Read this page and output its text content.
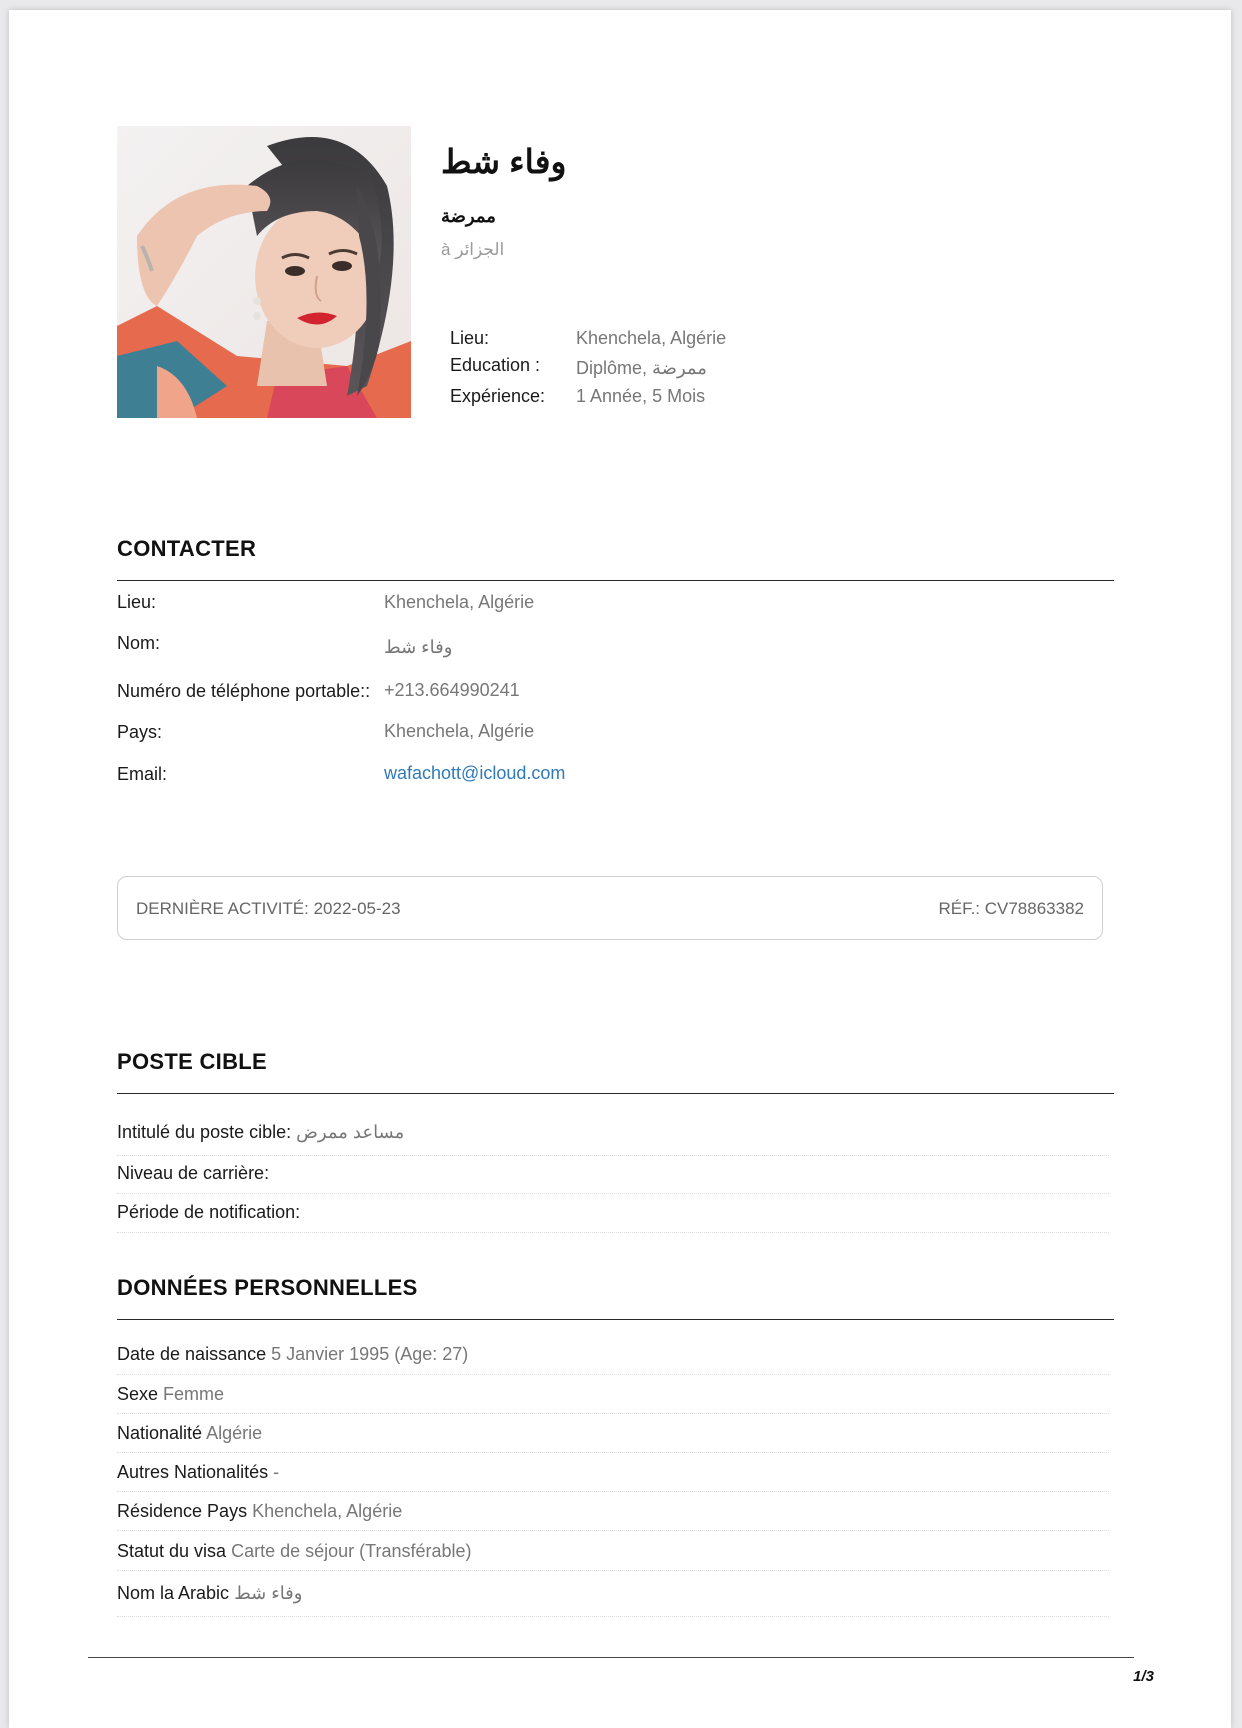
وفاء شط
ممرضة
الجزائر à
Lieu:	Khenchela, Algérie
Education : Diplôme, ممرضة
Expérience: 1 Année, 5 Mois
CONTACTER
Lieu:	Khenchela, Algérie
Nom:	وفاء شط
Numéro de téléphone portable:: +213.664990241
Pays:	Khenchela, Algérie
Email:	wafachott@icloud.com
DERNIÈRE ACTIVITÉ: 2022-05-23	RÉF.: CV78863382
POSTE CIBLE
Intitulé du poste cible: مساعد ممرض
Niveau de carrière:
Période de notification:
DONNÉES PERSONNELLES
Date de naissance 5 Janvier 1995 (Age: 27)
Sexe Femme
Nationalité Algérie
Autres Nationalités -
Résidence Pays Khenchela, Algérie
Statut du visa Carte de séjour (Transférable)
Nom la Arabic وفاء شط
1/3
